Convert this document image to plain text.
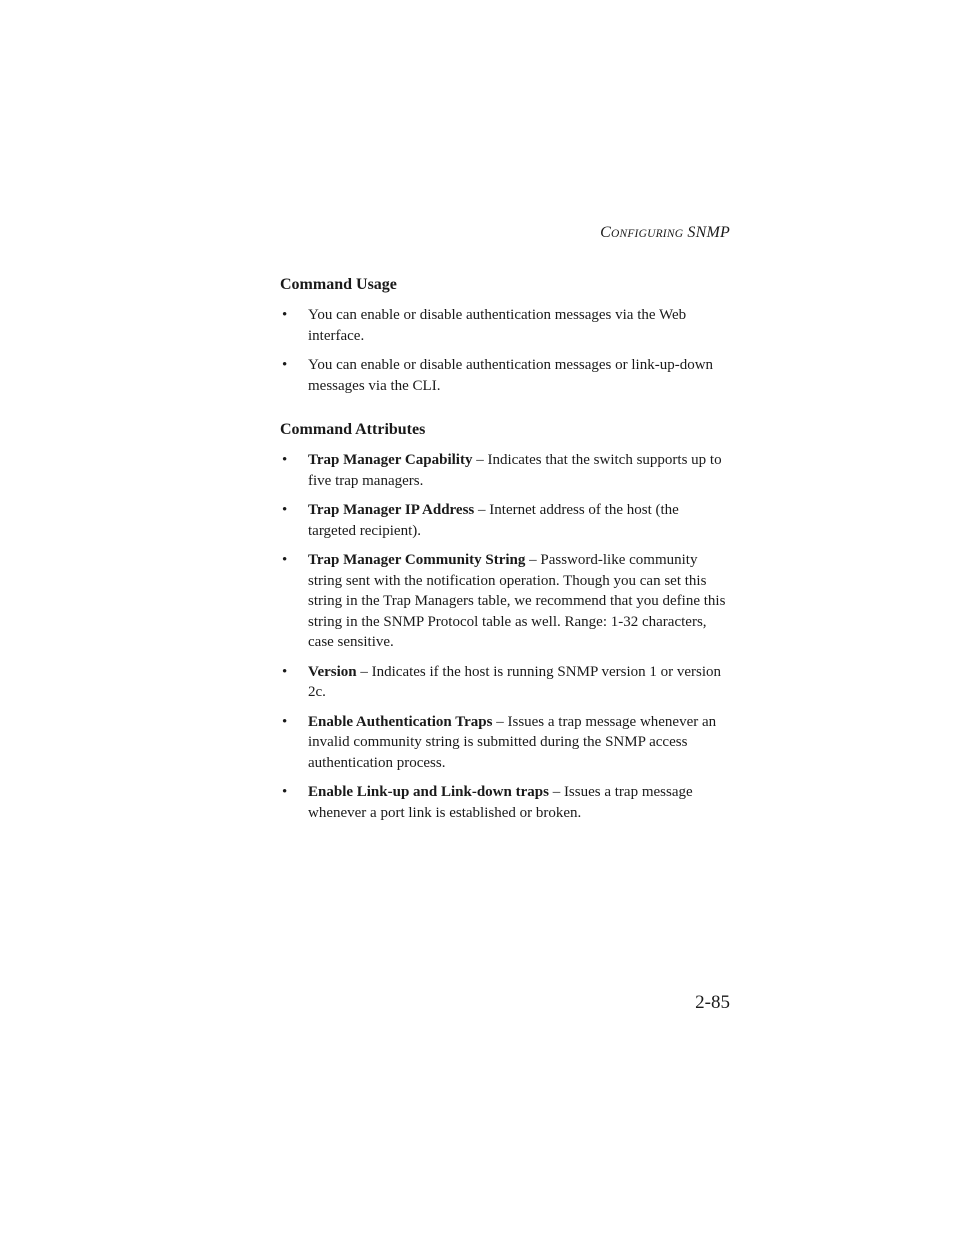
CONFIGURING SNMP
Command Usage
• You can enable or disable authentication messages via the Web interface.
• You can enable or disable authentication messages or link-up-down messages via the CLI.
Command Attributes
• Trap Manager Capability – Indicates that the switch supports up to five trap managers.
• Trap Manager IP Address – Internet address of the host (the targeted recipient).
• Trap Manager Community String – Password-like community string sent with the notification operation. Though you can set this string in the Trap Managers table, we recommend that you define this string in the SNMP Protocol table as well. Range: 1-32 characters, case sensitive.
• Version – Indicates if the host is running SNMP version 1 or version 2c.
• Enable Authentication Traps – Issues a trap message whenever an invalid community string is submitted during the SNMP access authentication process.
• Enable Link-up and Link-down traps – Issues a trap message whenever a port link is established or broken.
2-85
